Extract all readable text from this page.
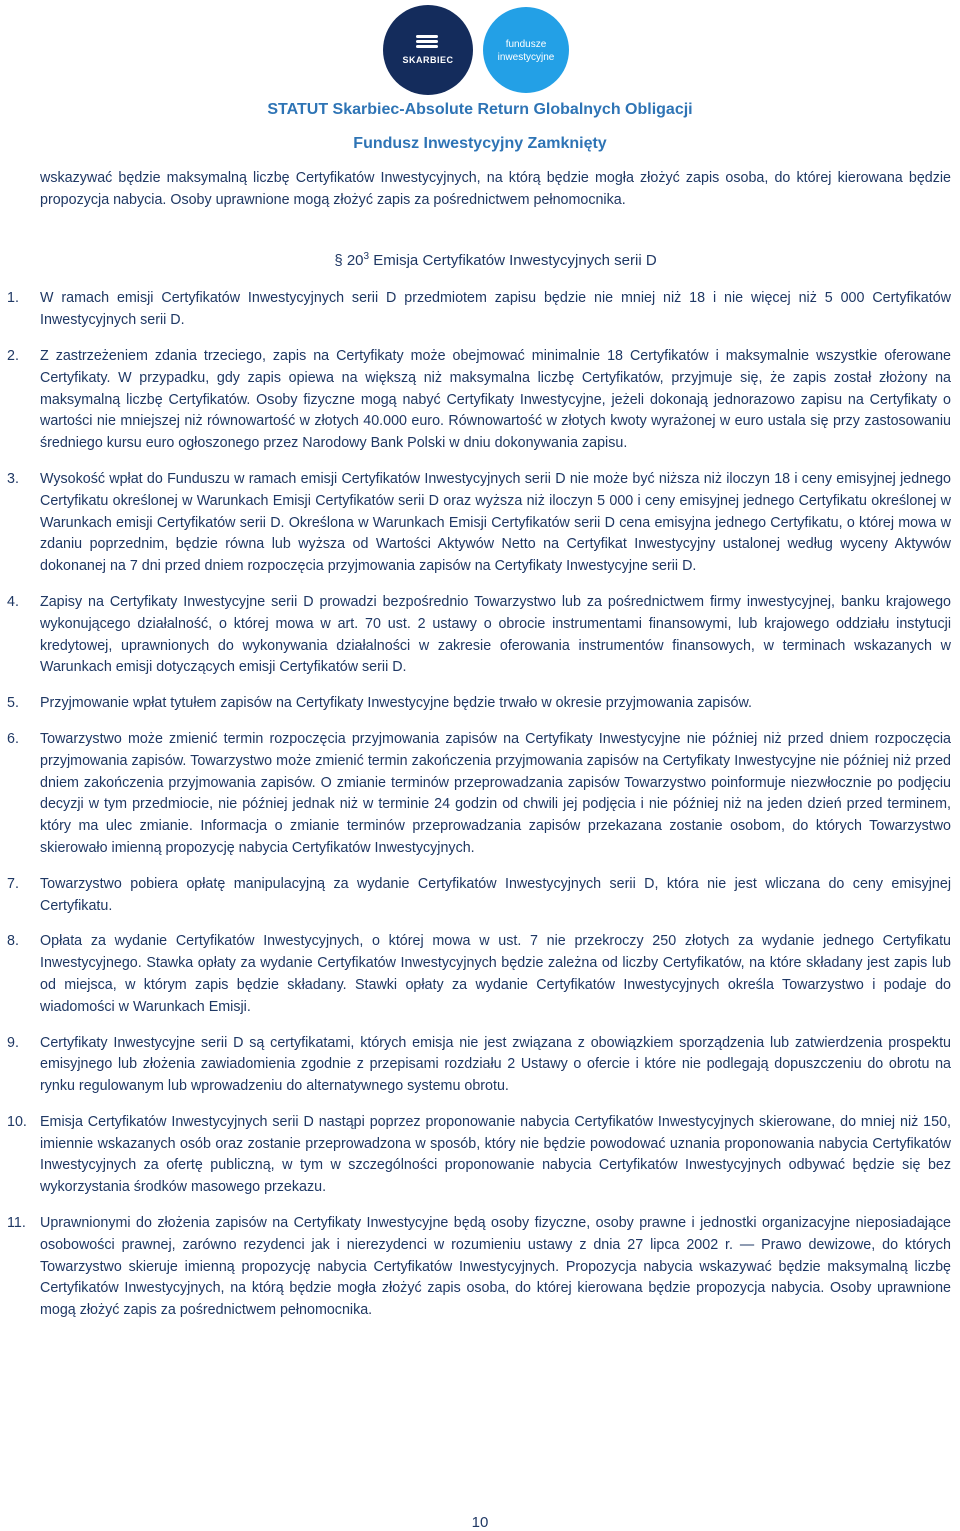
SKARBIEC
fundusze
inwestycyjne
STATUT Skarbiec-Absolute Return Globalnych Obligacji
Fundusz Inwestycyjny Zamknięty

wskazywać będzie maksymalną liczbę Certyfikatów Inwestycyjnych, na którą będzie mogła złożyć zapis osoba, do której kierowana będzie propozycja nabycia. Osoby uprawnione mogą złożyć zapis za pośrednictwem pełnomocnika.

§ $20^3$ Emisja Certyfikatów Inwestycyjnych serii D

1. W ramach emisji Certyfikatów Inwestycyjnych serii D przedmiotem zapisu będzie nie mniej niż 18 i nie więcej niż 5 000 Certyfikatów Inwestycyjnych serii D.
2. Z zastrzeżeniem zdania trzeciego, zapis na Certyfikaty może obejmować minimalnie 18 Certyfikatów i maksymalnie wszystkie oferowane Certyfikaty. W przypadku, gdy zapis opiewa na większą niż maksymalna liczbę Certyfikatów, przyjmuje się, że zapis został złożony na maksymalną liczbę Certyfikatów. Osoby fizyczne mogą nabyć Certyfikaty Inwestycyjne, jeżeli dokonają jednorazowo zapisu na Certyfikaty o wartości nie mniejszej niż równowartość w złotych 40.000 euro. Równowartość w złotych kwoty wyrażonej w euro ustala się przy zastosowaniu średniego kursu euro ogłoszonego przez Narodowy Bank Polski w dniu dokonywania zapisu.
3. Wysokość wpłat do Funduszu w ramach emisji Certyfikatów Inwestycyjnych serii D nie może być niższa niż iloczyn 18 i ceny emisyjnej jednego Certyfikatu określonej w Warunkach Emisji Certyfikatów serii D oraz wyższa niż iloczyn 5 000 i ceny emisyjnej jednego Certyfikatu określonej w Warunkach emisji Certyfikatów serii D. Określona w Warunkach Emisji Certyfikatów serii D cena emisyjna jednego Certyfikatu, o której mowa w zdaniu poprzednim, będzie równa lub wyższa od Wartości Aktywów Netto na Certyfikat Inwestycyjny ustalonej według wyceny Aktywów dokonanej na 7 dni przed dniem rozpoczęcia przyjmowania zapisów na Certyfikaty Inwestycyjne serii D.
4. Zapisy na Certyfikaty Inwestycyjne serii D prowadzi bezpośrednio Towarzystwo lub za pośrednictwem firmy inwestycyjnej, banku krajowego wykonującego działalność, o której mowa w art. 70 ust. 2 ustawy o obrocie instrumentami finansowymi, lub krajowego oddziału instytucji kredytowej, uprawnionych do wykonywania działalności w zakresie oferowania instrumentów finansowych, w terminach wskazanych w Warunkach emisji dotyczących emisji Certyfikatów serii D.
5. Przyjmowanie wpłat tytułem zapisów na Certyfikaty Inwestycyjne będzie trwało w okresie przyjmowania zapisów.
6. Towarzystwo może zmienić termin rozpoczęcia przyjmowania zapisów na Certyfikaty Inwestycyjne nie później niż przed dniem rozpoczęcia przyjmowania zapisów. Towarzystwo może zmienić termin zakończenia przyjmowania zapisów na Certyfikaty Inwestycyjne nie później niż przed dniem zakończenia przyjmowania zapisów. O zmianie terminów przeprowadzania zapisów Towarzystwo poinformuje niezwłocznie po podjęciu decyzji w tym przedmiocie, nie później jednak niż w terminie 24 godzin od chwili jej podjęcia i nie później niż na jeden dzień przed terminem, który ma ulec zmianie. Informacja o zmianie terminów przeprowadzania zapisów przekazana zostanie osobom, do których Towarzystwo skierowało imienną propozycję nabycia Certyfikatów Inwestycyjnych.
7. Towarzystwo pobiera opłatę manipulacyjną za wydanie Certyfikatów Inwestycyjnych serii D, która nie jest wliczana do ceny emisyjnej Certyfikatu.
8. Opłata za wydanie Certyfikatów Inwestycyjnych, o której mowa w ust. 7 nie przekroczy 250 złotych za wydanie jednego Certyfikatu Inwestycyjnego. Stawka opłaty za wydanie Certyfikatów Inwestycyjnych będzie zależna od liczby Certyfikatów, na które składany jest zapis lub od miejsca, w którym zapis będzie składany. Stawki opłaty za wydanie Certyfikatów Inwestycyjnych określa Towarzystwo i podaje do wiadomości w Warunkach Emisji.
9. Certyfikaty Inwestycyjne serii D są certyfikatami, których emisja nie jest związana z obowiązkiem sporządzenia lub zatwierdzenia prospektu emisyjnego lub złożenia zawiadomienia zgodnie z przepisami rozdziału 2 Ustawy o ofercie i które nie podlegają dopuszczeniu do obrotu na rynku regulowanym lub wprowadzeniu do alternatywnego systemu obrotu.
10. Emisja Certyfikatów Inwestycyjnych serii D nastąpi poprzez proponowanie nabycia Certyfikatów Inwestycyjnych skierowane, do mniej niż 150, imiennie wskazanych osób oraz zostanie przeprowadzona w sposób, który nie będzie powodować uznania proponowania nabycia Certyfikatów Inwestycyjnych za ofertę publiczną, w tym w szczególności proponowanie nabycia Certyfikatów Inwestycyjnych odbywać będzie się bez wykorzystania środków masowego przekazu.
11. Uprawnionymi do złożenia zapisów na Certyfikaty Inwestycyjne będą osoby fizyczne, osoby prawne i jednostki organizacyjne nieposiadające osobowości prawnej, zarówno rezydenci jak i nierezydenci w rozumieniu ustawy z dnia 27 lipca 2002 r. — Prawo dewizowe, do których Towarzystwo skieruje imienną propozycję nabycia Certyfikatów Inwestycyjnych. Propozycja nabycia wskazywać będzie maksymalną liczbę Certyfikatów Inwestycyjnych, na którą będzie mogła złożyć zapis osoba, do której kierowana będzie propozycja nabycia. Osoby uprawnione mogą złożyć zapis za pośrednictwem pełnomocnika.
10
